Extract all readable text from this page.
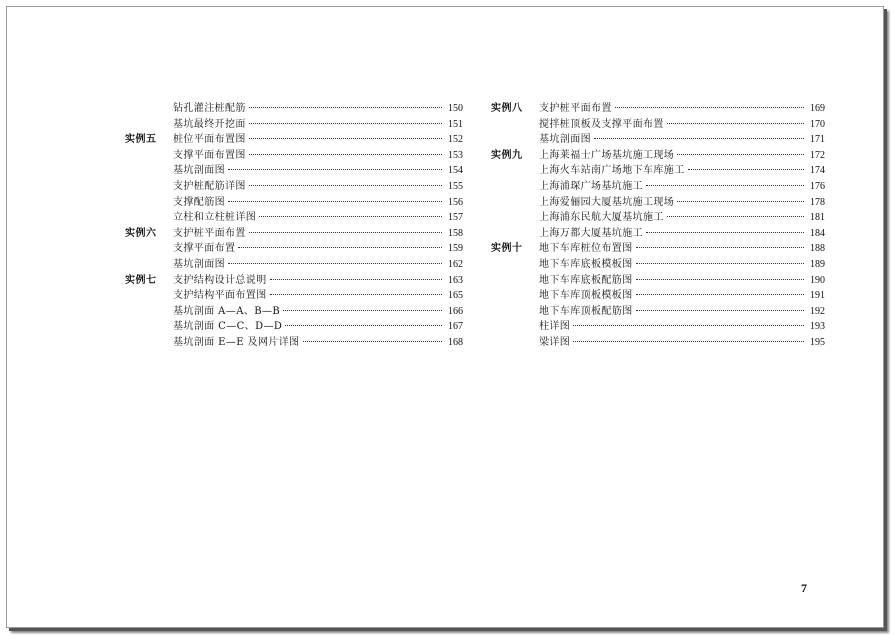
钻孔灌注桩配筋	150
基坑最终开挖面	151
实例五	桩位平面布置图	152
支撑平面布置图	153
基坑剖面图	154
支护桩配筋详图	155
支撑配筋图	156
立柱和立柱桩详图	157
实例六	支护桩平面布置	158
支撑平面布置	159
基坑剖面图	162
实例七	支护结构设计总说明	163
支护结构平面布置图	165
基坑剖面 A—A、B—B	166
基坑剖面 C—C、D—D	167
基坑剖面 E—E 及网片详图	168
实例八	支护桩平面布置	169
搅拌桩顶板及支撑平面布置	170
基坑剖面图	171
实例九	上海莱福士广场基坑施工现场	172
上海火车站南广场地下车库施工	174
上海浦琛广场基坑施工	176
上海爱俪园大厦基坑施工现场	178
上海浦东民航大厦基坑施工	181
上海万都大厦基坑施工	184
实例十	地下车库桩位布置图	188
地下车库底板模板图	189
地下车库底板配筋图	190
地下车库顶板模板图	191
地下车库顶板配筋图	192
柱详图	193
梁详图	195
7
